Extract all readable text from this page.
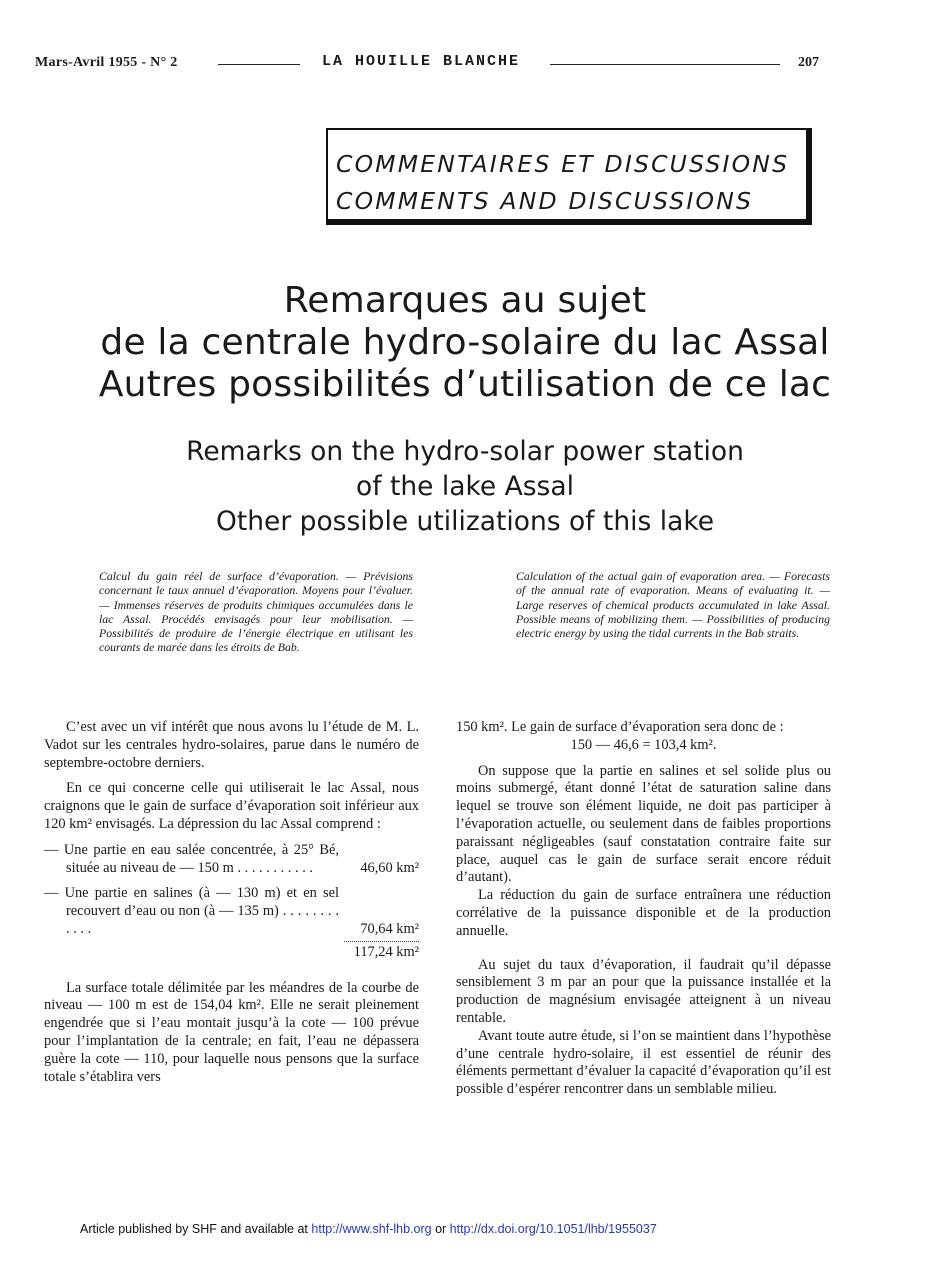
Mars-Avril 1955 - N° 2	LA HOUILLE BLANCHE	207
COMMENTAIRES ET DISCUSSIONS
COMMENTS AND DISCUSSIONS
Remarques au sujet
de la centrale hydro-solaire du lac Assal
Autres possibilités d’utilisation de ce lac
Remarks on the hydro-solar power station
of the lake Assal
Other possible utilizations of this lake

Calcul du gain réel de surface d’évaporation. — Prévisions concernant le taux annuel d’évaporation. Moyens pour l’évaluer. — Immenses réserves de produits chimiques accumulées dans le lac Assal. Procédés envisagés pour leur mobilisation. — Possibilités de produire de l’énergie électrique en utilisant les courants de marée dans les étroits de Bab.

Calculation of the actual gain of evaporation area. — Forecasts of the annual rate of evaporation. Means of evaluating it. — Large reserves of chemical products accumulated in lake Assal. Possible means of mobilizing them. — Possibilities of producing electric energy by using the tidal currents in the Bab straits.

C’est avec un vif intérêt que nous avons lu l’étude de M. L. Vadot sur les centrales hydro-solaires, parue dans le numéro de septembre-octobre derniers.

En ce qui concerne celle qui utiliserait le lac Assal, nous craignons que le gain de surface d’évaporation soit inférieur aux 120 km² envisagés. La dépression du lac Assal comprend :

— Une partie en eau salée concentrée, à 25° Bé, située au niveau de — 150 m . . . . . . . . . . .	46,60 km²
— Une partie en salines (à — 130 m) et en sel recouvert d’eau ou non (à — 135 m) . . . . . . . . . . . .	70,64 km²
117,24 km²

La surface totale délimitée par les méandres de la courbe de niveau — 100 m est de 154,04 km². Elle ne serait pleinement engendrée que si l’eau montait jusqu’à la cote — 100 prévue pour l’implantation de la centrale; en fait, l’eau ne dépassera guère la cote — 110, pour laquelle nous pensons que la surface totale s’établira vers

150 km². Le gain de surface d’évaporation sera donc de :

150 — 46,6 = 103,4 km².

On suppose que la partie en salines et sel solide plus ou moins submergé, étant donné l’état de saturation saline dans lequel se trouve son élément liquide, ne doit pas participer à l’évaporation actuelle, ou seulement dans de faibles proportions paraissant négligeables (sauf constatation contraire faite sur place, auquel cas le gain de surface serait encore réduit d’autant).

La réduction du gain de surface entraînera une réduction corrélative de la puissance disponible et de la production annuelle.

Au sujet du taux d’évaporation, il faudrait qu’il dépasse sensiblement 3 m par an pour que la puissance installée et la production de magnésium envisagée atteignent à un niveau rentable.

Avant toute autre étude, si l’on se maintient dans l’hypothèse d’une centrale hydro-solaire, il est essentiel de réunir des éléments permettant d’évaluer la capacité d’évaporation qu’il est possible d’espérer rencontrer dans un semblable milieu.

Article published by SHF and available at http://www.shf-lhb.org or http://dx.doi.org/10.1051/lhb/1955037
